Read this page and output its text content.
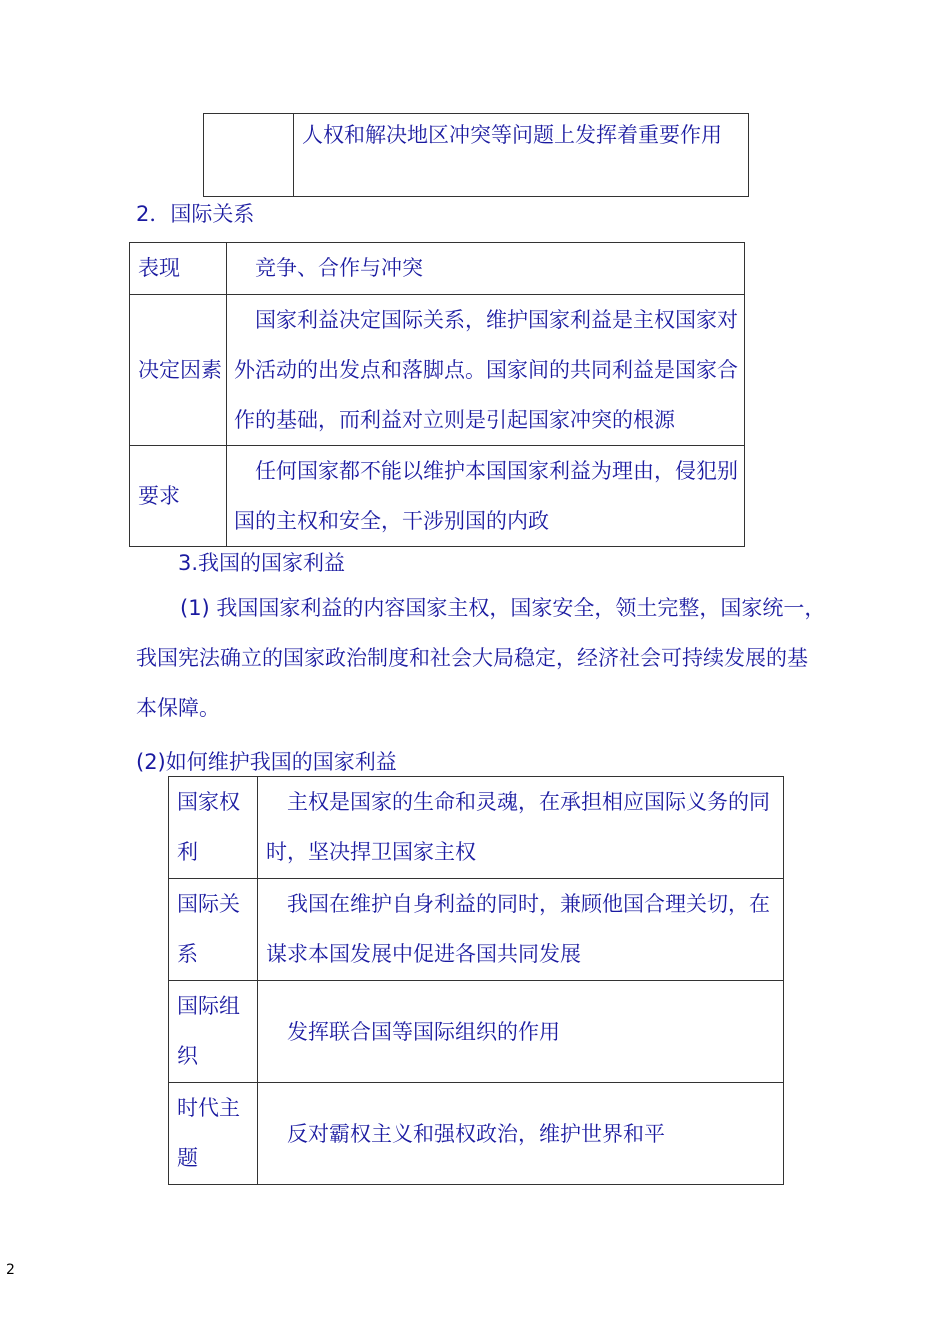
	人权和解决地区冲突等问题上发挥着重要作用
2．国际关系
表现	竞争、合作与冲突
决定因素	国家利益决定国际关系，维护国家利益是主权国家对外活动的出发点和落脚点。国家间的共同利益是国家合作的基础，而利益对立则是引起国家冲突的根源
要求	任何国家都不能以维护本国国家利益为理由，侵犯别国的主权和安全，干涉别国的内政
3.我国的国家利益
(1) 我国国家利益的内容国家主权，国家安全，领土完整，国家统一，我国宪法确立的国家政治制度和社会大局稳定，经济社会可持续发展的基本保障。
(2)如何维护我国的国家利益
国家权利	主权是国家的生命和灵魂，在承担相应国际义务的同时，坚决捍卫国家主权
国际关系	我国在维护自身利益的同时，兼顾他国合理关切，在谋求本国发展中促进各国共同发展
国际组织	发挥联合国等国际组织的作用
时代主题	反对霸权主义和强权政治，维护世界和平
2
